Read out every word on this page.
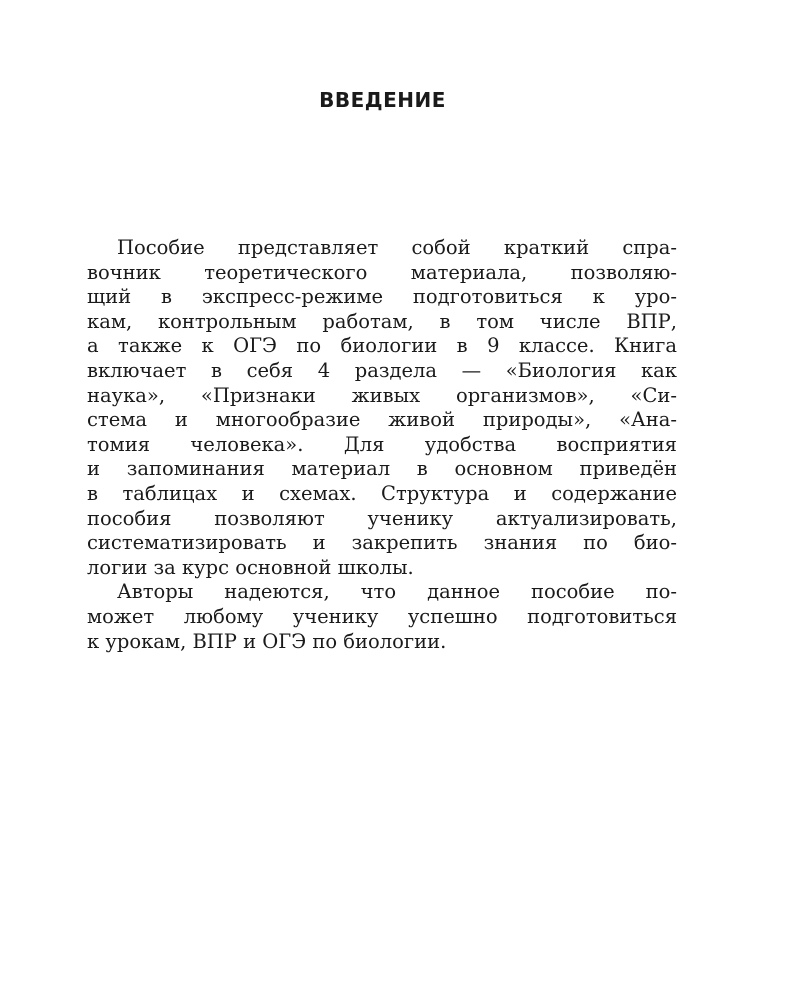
ВВЕДЕНИЕ
Пособие представляет собой краткий спра-
вочник теоретического материала, позволяю-
щий в экспресс-режиме подготовиться к уро-
кам, контрольным работам, в том числе ВПР,
а также к ОГЭ по биологии в 9 классе. Книга
включает в себя 4 раздела — «Биология как
наука», «Признаки живых организмов», «Си-
стема и многообразие живой природы», «Ана-
томия человека». Для удобства восприятия
и запоминания материал в основном приведён
в таблицах и схемах. Структура и содержание
пособия позволяют ученику актуализировать,
систематизировать и закрепить знания по био-
логии за курс основной школы.
Авторы надеются, что данное пособие по-
может любому ученику успешно подготовиться
к урокам, ВПР и ОГЭ по биологии.
